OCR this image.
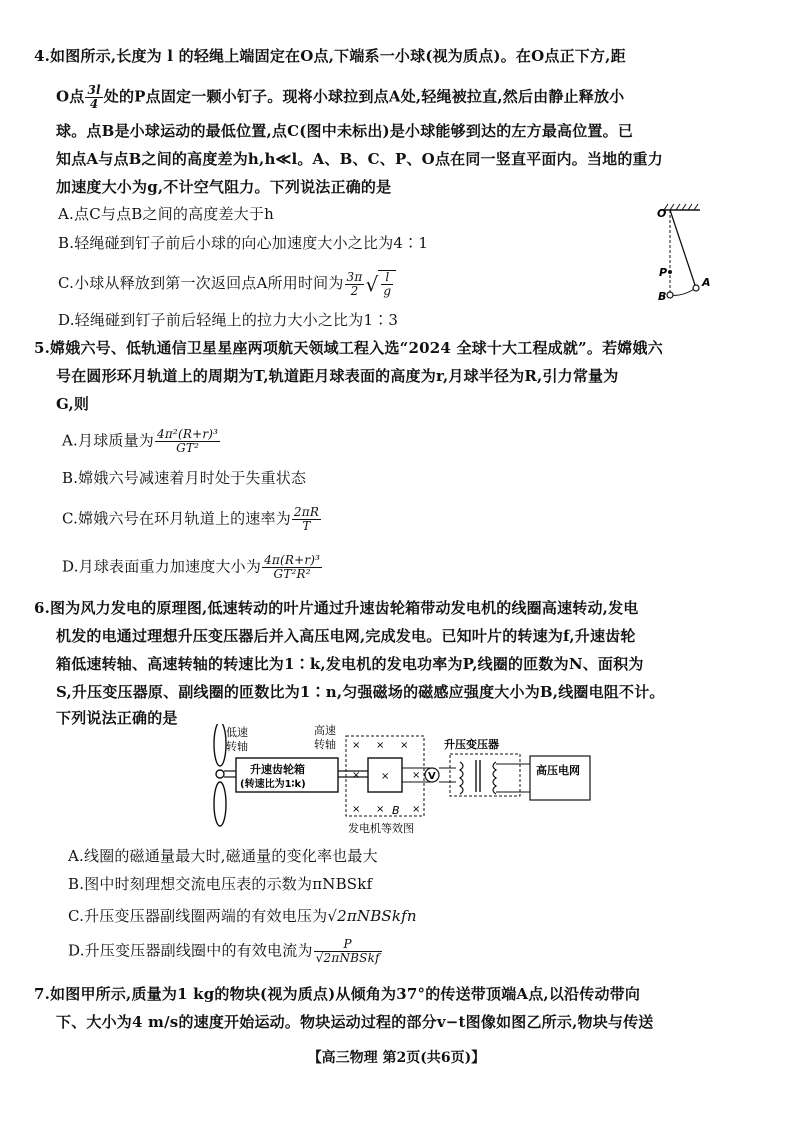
4.如图所示,长度为 l 的轻绳上端固定在O点,下端系一小球(视为质点)。在O点正下方,距
O点 $\frac{3l}{4}$ 处的P点固定一颗小钉子。现将小球拉到点A处,轻绳被拉直,然后由静止释放小
球。点B是小球运动的最低位置,点C(图中未标出)是小球能够到达的左方最高位置。已
知点A与点B之间的高度差为h,h≪l。A、B、C、P、O点在同一竖直平面内。当地的重力
加速度大小为g,不计空气阻力。下列说法正确的是
A.点C与点B之间的高度差大于h
B.轻绳碰到钉子前后小球的向心加速度大小之比为4∶1
C.小球从释放到第一次返回点A所用时间为 $\frac{3\pi}{2}$ √ $\frac{l}{g}$
D.轻绳碰到钉子前后轻绳上的拉力大小之比为1∶3
O
P
A
B
5.嫦娥六号、低轨通信卫星星座两项航天领域工程入选“2024 全球十大工程成就”。若嫦娥六
号在圆形环月轨道上的周期为T,轨道距月球表面的高度为r,月球半径为R,引力常量为
G,则
A.月球质量为 $\frac{\text{4π²(R+r)³}}{\text{GT²}}$
B.嫦娥六号减速着月时处于失重状态
C.嫦娥六号在环月轨道上的速率为 $\frac{2\pi R}{T}$
D.月球表面重力加速度大小为 $\frac{\text{4π(R+r)³}}{\text{GT²R²}}$
6.图为风力发电的原理图,低速转动的叶片通过升速齿轮箱带动发电机的线圈高速转动,发电
机发的电通过理想升压变压器后并入高压电网,完成发电。已知叶片的转速为f,升速齿轮
箱低速转轴、高速转轴的转速比为1∶k,发电机的发电功率为P,线圈的匝数为N、面积为
S,升压变压器原、副线圈的匝数比为1∶n,匀强磁场的磁感应强度大小为B,线圈电阻不计。
下列说法正确的是
低速
转轴
升速齿轮箱
(转速比为1∶k)
高速
转轴 × × ×
×
× ×
×
×
×
B
发电机等效图
V
升压变压器
高压电网
A.线圈的磁通量最大时,磁通量的变化率也最大
B.图中时刻理想交流电压表的示数为πNBSkf
C.升压变压器副线圈两端的有效电压为√2πNBSkfn
D.升压变压器副线圈中的有效电流为 $\frac{P}{\text{√2πNBSkf}}$
7.如图甲所示,质量为1 kg的物块(视为质点)从倾角为37°的传送带顶端A点,以沿传动带向
下、大小为4 m/s的速度开始运动。物块运动过程的部分v−t图像如图乙所示,物块与传送
【高三物理 第2页(共6页)】
